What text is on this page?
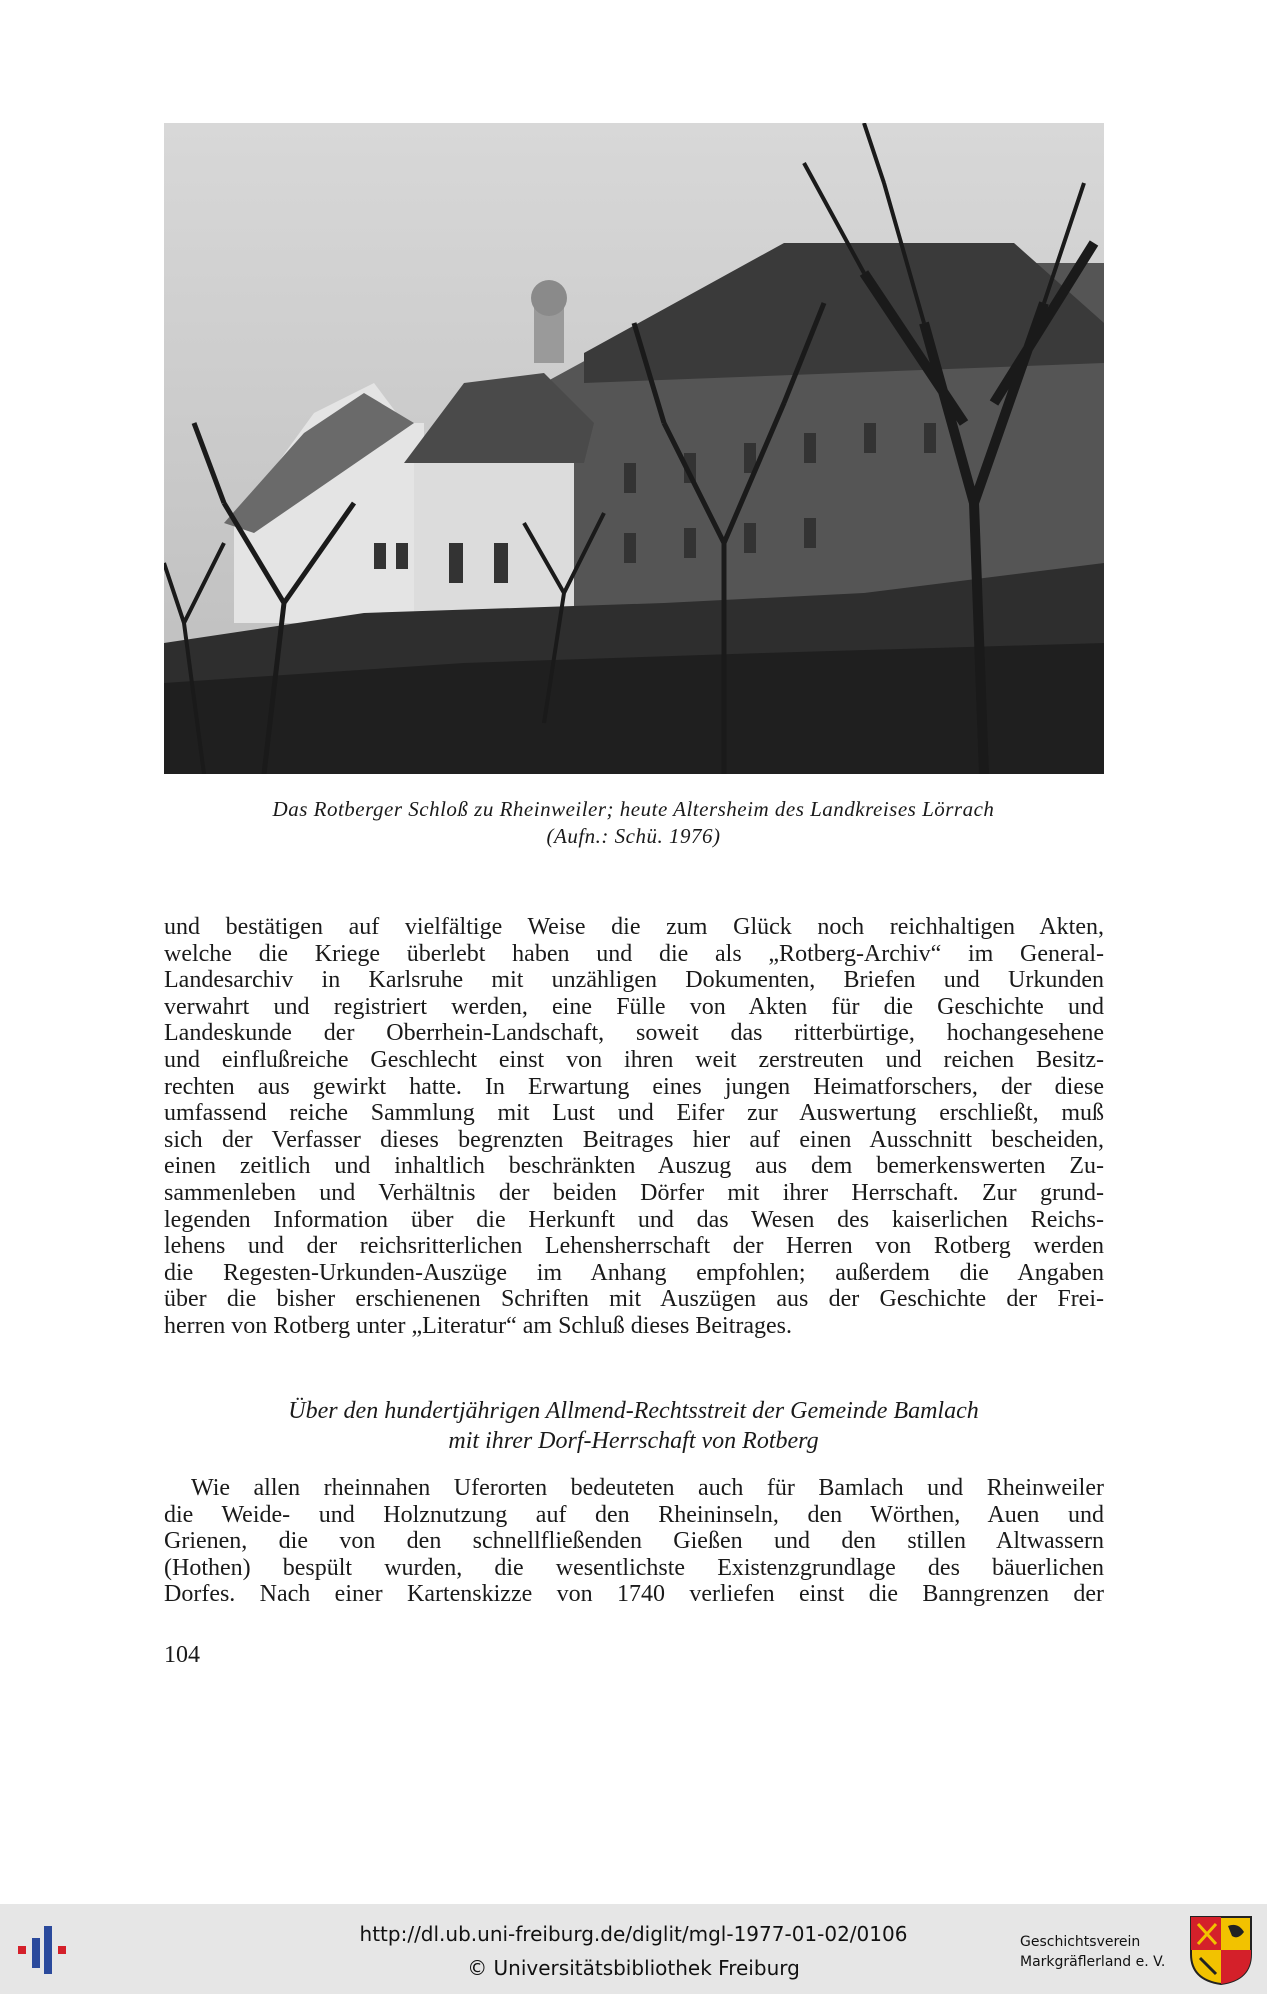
Das Rotberger Schloß zu Rheinweiler; heute Altersheim des Landkreises Lörrach
(Aufn.: Schü. 1976)
und bestätigen auf vielfältige Weise die zum Glück noch reichhaltigen Akten,
welche die Kriege überlebt haben und die als „Rotberg-Archiv“ im General-
Landesarchiv in Karlsruhe mit unzähligen Dokumenten, Briefen und Urkunden
verwahrt und registriert werden, eine Fülle von Akten für die Geschichte und
Landeskunde der Oberrhein-Landschaft, soweit das ritterbürtige, hochangesehene
und einflußreiche Geschlecht einst von ihren weit zerstreuten und reichen Besitz-
rechten aus gewirkt hatte. In Erwartung eines jungen Heimatforschers, der diese
umfassend reiche Sammlung mit Lust und Eifer zur Auswertung erschließt, muß
sich der Verfasser dieses begrenzten Beitrages hier auf einen Ausschnitt bescheiden,
einen zeitlich und inhaltlich beschränkten Auszug aus dem bemerkenswerten Zu-
sammenleben und Verhältnis der beiden Dörfer mit ihrer Herrschaft. Zur grund-
legenden Information über die Herkunft und das Wesen des kaiserlichen Reichs-
lehens und der reichsritterlichen Lehensherrschaft der Herren von Rotberg werden
die Regesten-Urkunden-Auszüge im Anhang empfohlen; außerdem die Angaben
über die bisher erschienenen Schriften mit Auszügen aus der Geschichte der Frei-
herren von Rotberg unter „Literatur“ am Schluß dieses Beitrages.
Über den hundertjährigen Allmend-Rechtsstreit der Gemeinde Bamlach
mit ihrer Dorf-Herrschaft von Rotberg
Wie allen rheinnahen Uferorten bedeuteten auch für Bamlach und Rheinweiler
die Weide- und Holznutzung auf den Rheininseln, den Wörthen, Auen und
Grienen, die von den schnellfließenden Gießen und den stillen Altwassern
(Hothen) bespült wurden, die wesentlichste Existenzgrundlage des bäuerlichen
Dorfes. Nach einer Kartenskizze von 1740 verliefen einst die Banngrenzen der
104
http://dl.ub.uni-freiburg.de/diglit/mgl-1977-01-02/0106
© Universitätsbibliothek Freiburg
Geschichtsverein
Markgräflerland e. V.
